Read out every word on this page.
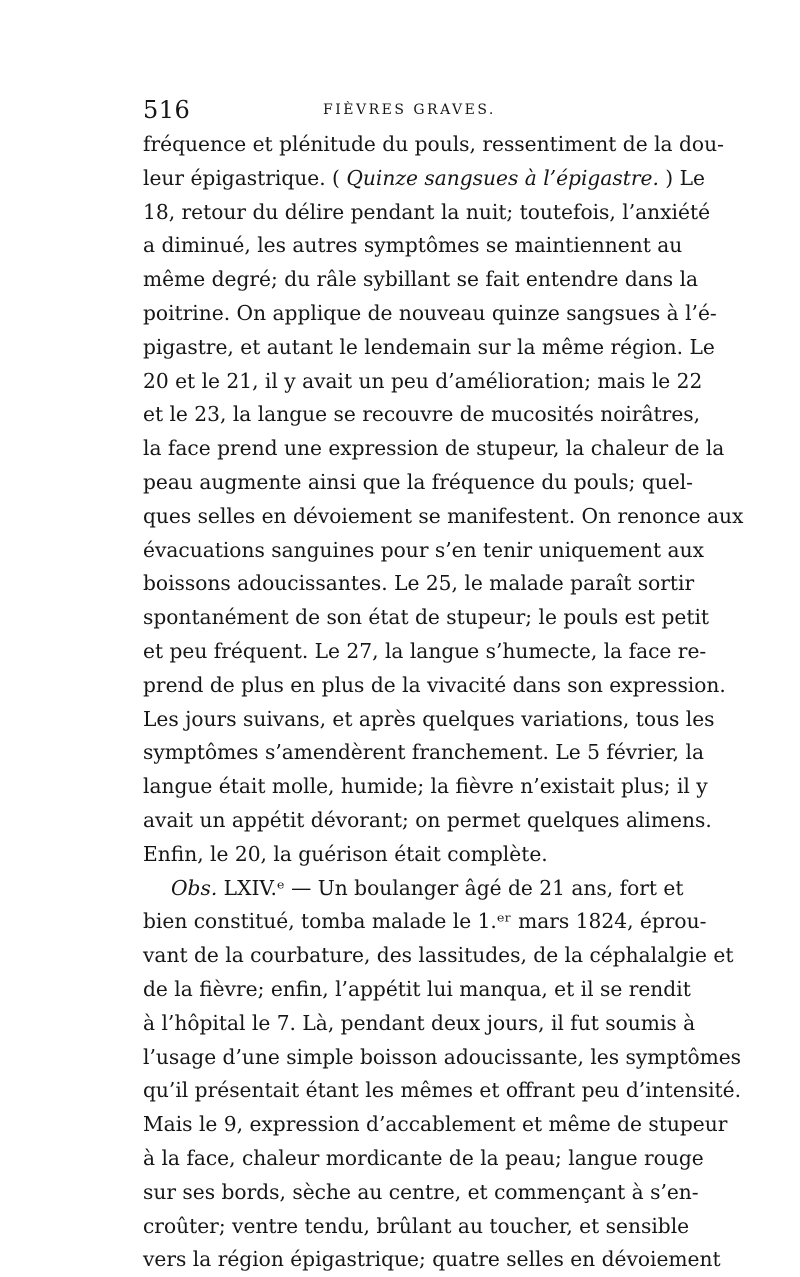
516	FIÈVRES GRAVES.
fréquence et plénitude du pouls, ressentiment de la dou-
leur épigastrique. ( Quinze sangsues à l’épigastre. ) Le
18, retour du délire pendant la nuit; toutefois, l’anxiété
a diminué, les autres symptômes se maintiennent au
même degré; du râle sybillant se fait entendre dans la
poitrine. On applique de nouveau quinze sangsues à l’é-
pigastre, et autant le lendemain sur la même région. Le
20 et le 21, il y avait un peu d’amélioration; mais le 22
et le 23, la langue se recouvre de mucosités noirâtres,
la face prend une expression de stupeur, la chaleur de la
peau augmente ainsi que la fréquence du pouls; quel-
ques selles en dévoiement se manifestent. On renonce aux
évacuations sanguines pour s’en tenir uniquement aux
boissons adoucissantes. Le 25, le malade paraît sortir
spontanément de son état de stupeur; le pouls est petit
et peu fréquent. Le 27, la langue s’humecte, la face re-
prend de plus en plus de la vivacité dans son expression.
Les jours suivans, et après quelques variations, tous les
symptômes s’amendèrent franchement. Le 5 février, la
langue était molle, humide; la fièvre n’existait plus; il y
avait un appétit dévorant; on permet quelques alimens.
Enfin, le 20, la guérison était complète.
Obs. LXIV.ᵉ — Un boulanger âgé de 21 ans, fort et
bien constitué, tomba malade le 1.ᵉʳ mars 1824, éprou-
vant de la courbature, des lassitudes, de la céphalalgie et
de la fièvre; enfin, l’appétit lui manqua, et il se rendit
à l’hôpital le 7. Là, pendant deux jours, il fut soumis à
l’usage d’une simple boisson adoucissante, les symptômes
qu’il présentait étant les mêmes et offrant peu d’intensité.
Mais le 9, expression d’accablement et même de stupeur
à la face, chaleur mordicante de la peau; langue rouge
sur ses bords, sèche au centre, et commençant à s’en-
croûter; ventre tendu, brûlant au toucher, et sensible
vers la région épigastrique; quatre selles en dévoiement
